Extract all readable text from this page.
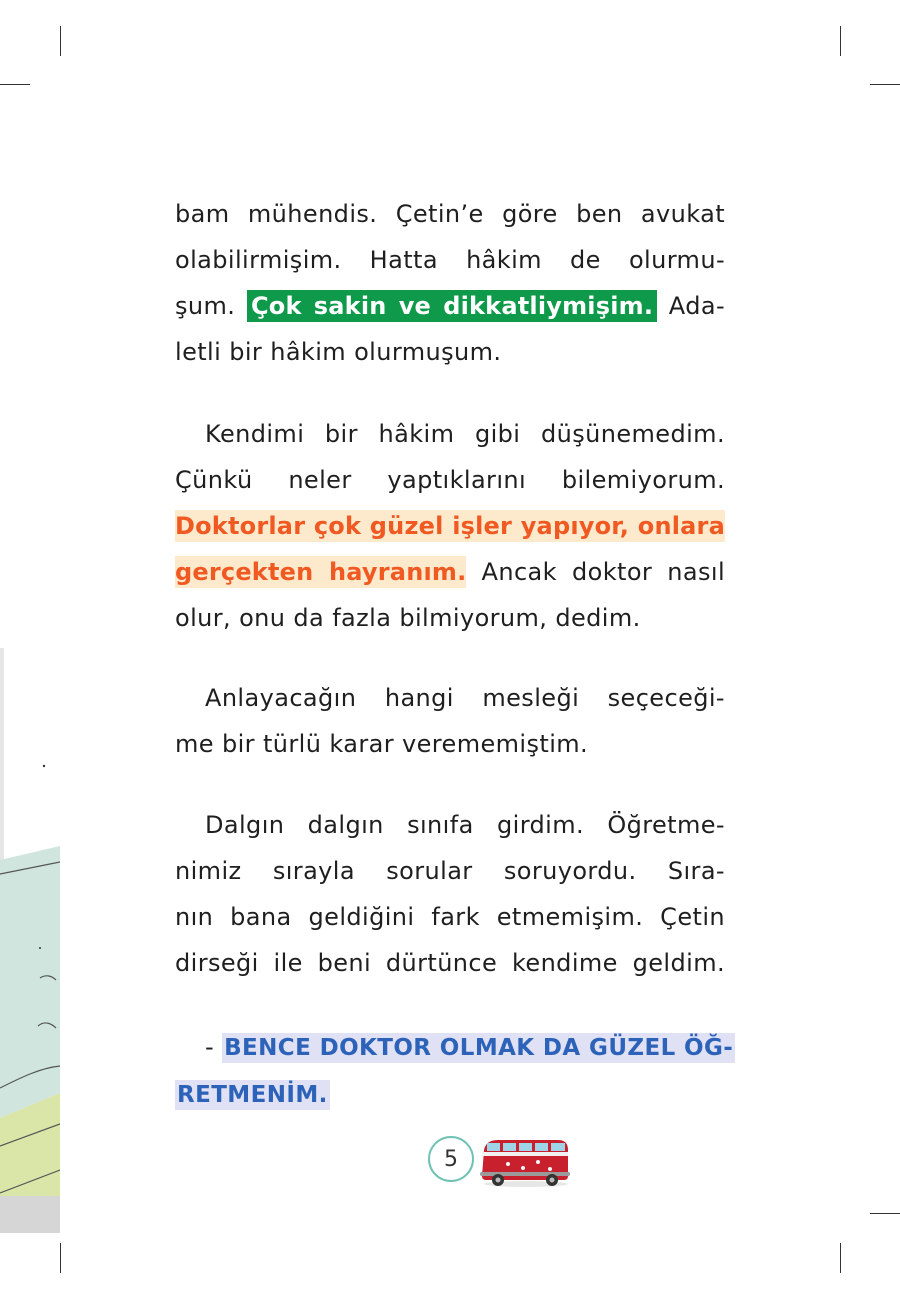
bam mühendis. Çetin’e göre ben avukat
olabilirmişim. Hatta hâkim de olurmu-
şum. Çok sakin ve dikkatliymişim. Ada-
letli bir hâkim olurmuşum.
Kendimi bir hâkim gibi düşünemedim.
Çünkü neler yaptıklarını bilemiyorum.
Doktorlar çok güzel işler yapıyor, onlara
gerçekten hayranım. Ancak doktor nasıl
olur, onu da fazla bilmiyorum, dedim.
Anlayacağın hangi mesleği seçeceği-
me bir türlü karar verememiştim.
Dalgın dalgın sınıfa girdim. Öğretme-
nimiz sırayla sorular soruyordu. Sıra-
nın bana geldiğini fark etmemişim. Çetin
dirseği ile beni dürtünce kendime geldim.
- BENCE DOKTOR OLMAK DA GÜZEL ÖĞ-
RETMENİM.
5
